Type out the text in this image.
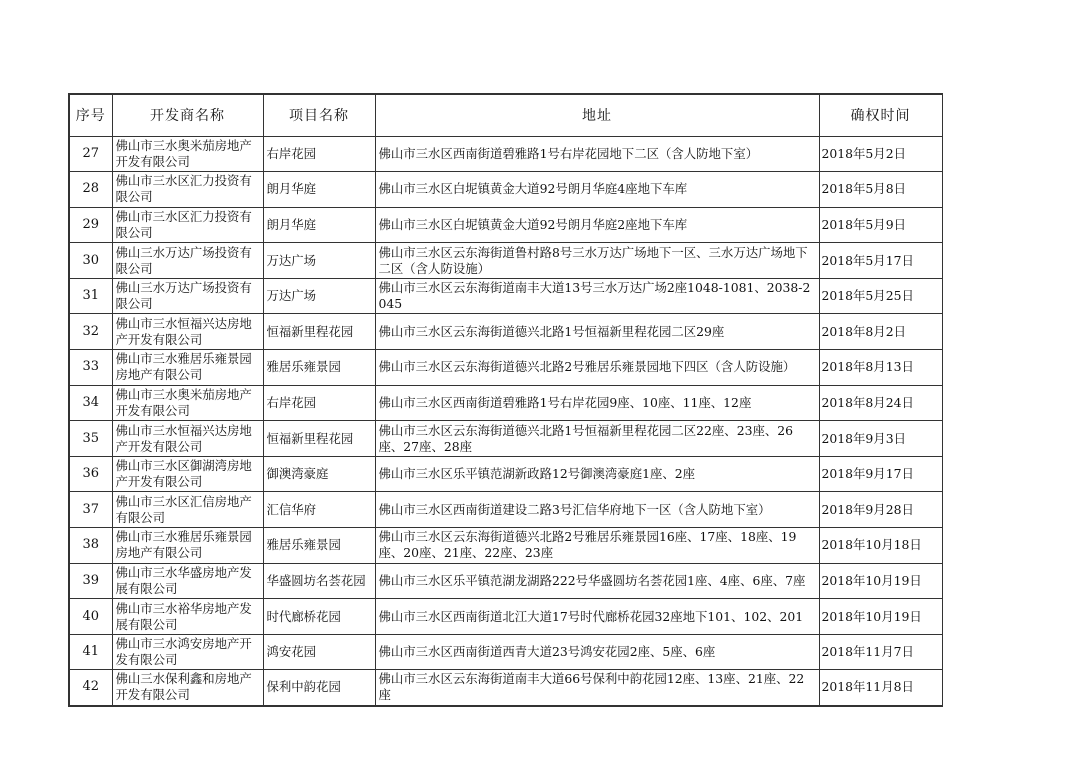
序号	开发商名称	项目名称	地址	确权时间
27	佛山市三水奥米茄房地产开发有限公司	右岸花园	佛山市三水区西南街道碧雅路1号右岸花园地下二区（含人防地下室）	2018年5月2日
28	佛山市三水区汇力投资有限公司	朗月华庭	佛山市三水区白坭镇黄金大道92号朗月华庭4座地下车库	2018年5月8日
29	佛山市三水区汇力投资有限公司	朗月华庭	佛山市三水区白坭镇黄金大道92号朗月华庭2座地下车库	2018年5月9日
30	佛山三水万达广场投资有限公司	万达广场	佛山市三水区云东海街道鲁村路8号三水万达广场地下一区、三水万达广场地下二区（含人防设施）	2018年5月17日
31	佛山三水万达广场投资有限公司	万达广场	佛山市三水区云东海街道南丰大道13号三水万达广场2座1048-1081、2038-2045	2018年5月25日
32	佛山市三水恒福兴达房地产开发有限公司	恒福新里程花园	佛山市三水区云东海街道德兴北路1号恒福新里程花园二区29座	2018年8月2日
33	佛山市三水雅居乐雍景园房地产有限公司	雅居乐雍景园	佛山市三水区云东海街道德兴北路2号雅居乐雍景园地下四区（含人防设施）	2018年8月13日
34	佛山市三水奥米茄房地产开发有限公司	右岸花园	佛山市三水区西南街道碧雅路1号右岸花园9座、10座、11座、12座	2018年8月24日
35	佛山市三水恒福兴达房地产开发有限公司	恒福新里程花园	佛山市三水区云东海街道德兴北路1号恒福新里程花园二区22座、23座、26座、27座、28座	2018年9月3日
36	佛山市三水区御湖湾房地产开发有限公司	御澳湾豪庭	佛山市三水区乐平镇范湖新政路12号御澳湾豪庭1座、2座	2018年9月17日
37	佛山市三水区汇信房地产有限公司	汇信华府	佛山市三水区西南街道建设二路3号汇信华府地下一区（含人防地下室）	2018年9月28日
38	佛山市三水雅居乐雍景园房地产有限公司	雅居乐雍景园	佛山市三水区云东海街道德兴北路2号雅居乐雍景园16座、17座、18座、19座、20座、21座、22座、23座	2018年10月18日
39	佛山市三水华盛房地产发展有限公司	华盛圆坊名荟花园	佛山市三水区乐平镇范湖龙湖路222号华盛圆坊名荟花园1座、4座、6座、7座	2018年10月19日
40	佛山市三水裕华房地产发展有限公司	时代廊桥花园	佛山市三水区西南街道北江大道17号时代廊桥花园32座地下101、102、201	2018年10月19日
41	佛山市三水鸿安房地产开发有限公司	鸿安花园	佛山市三水区西南街道西青大道23号鸿安花园2座、5座、6座	2018年11月7日
42	佛山三水保利鑫和房地产开发有限公司	保利中韵花园	佛山市三水区云东海街道南丰大道66号保利中韵花园12座、13座、21座、22座	2018年11月8日
